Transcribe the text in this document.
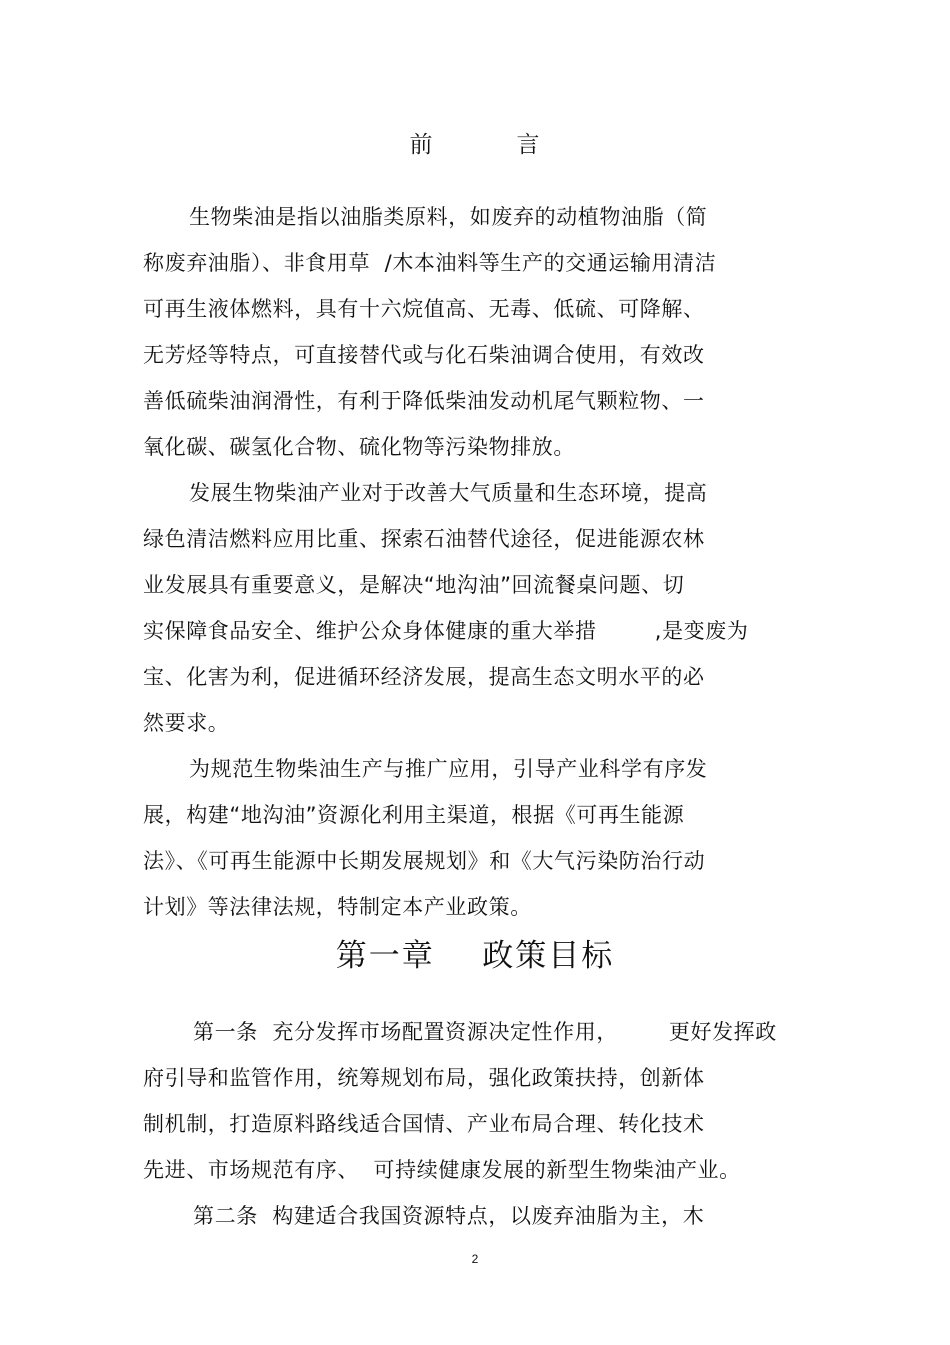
前          言
生物柴油是指以油脂类原料，如废弃的动植物油脂（简
称废弃油脂）、非食用草  /木本油料等生产的交通运输用清洁
可再生液体燃料，具有十六烷值高、无毒、低硫、可降解、
无芳烃等特点，可直接替代或与化石柴油调合使用，有效改
善低硫柴油润滑性，有利于降低柴油发动机尾气颗粒物、一
氧化碳、碳氢化合物、硫化物等污染物排放。
发展生物柴油产业对于改善大气质量和生态环境，提高
绿色清洁燃料应用比重、探索石油替代途径，促进能源农林
业发展具有重要意义，是解决“地沟油”回流餐桌问题、切
实保障食品安全、维护公众身体健康的重大举措        ,是变废为
宝、化害为利，促进循环经济发展，提高生态文明水平的必
然要求。
为规范生物柴油生产与推广应用，引导产业科学有序发
展，构建“地沟油”资源化利用主渠道，根据《可再生能源
法》、《可再生能源中长期发展规划》和《大气污染防治行动
计划》等法律法规，特制定本产业政策。
第一章    政策目标
第一条  充分发挥市场配置资源决定性作用，       更好发挥政
府引导和监管作用，统筹规划布局，强化政策扶持，创新体
制机制，打造原料路线适合国情、产业布局合理、转化技术
先进、市场规范有序、  可持续健康发展的新型生物柴油产业。
第二条  构建适合我国资源特点，以废弃油脂为主，木
2
